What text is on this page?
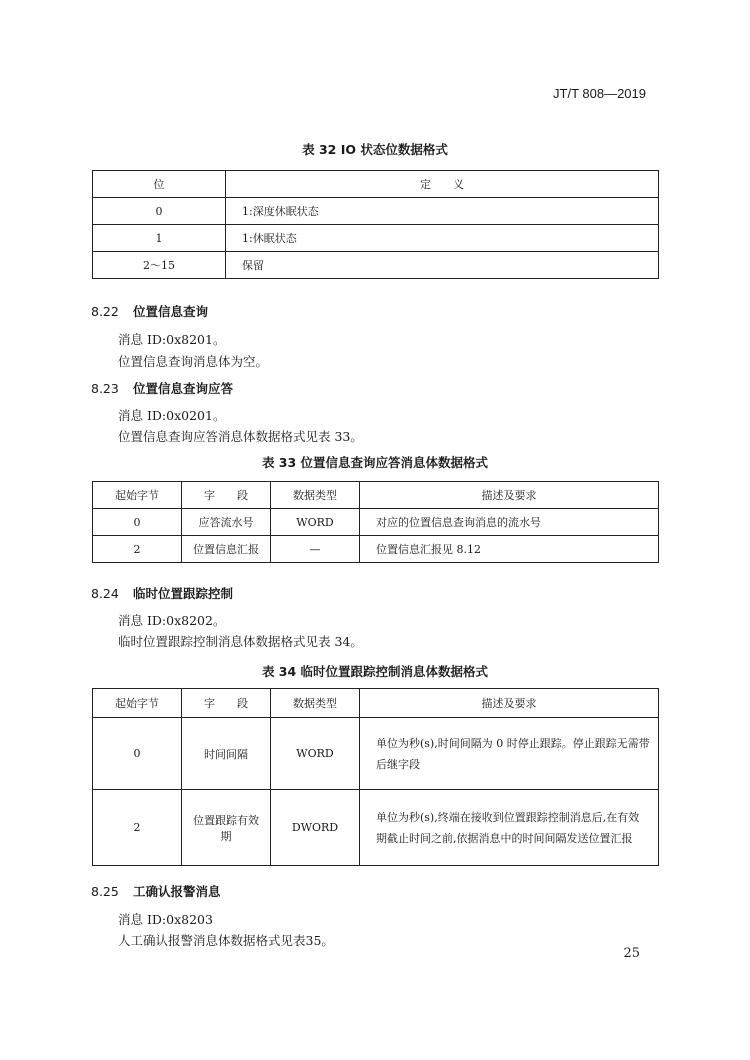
JT/T 808—2019
表 32 IO 状态位数据格式
位	定　　义
0	1:深度休眠状态
1	1:休眠状态
2～15	保留
8.22 位置信息查询
消息 ID:0x8201。
位置信息查询消息体为空。
8.23 位置信息查询应答
消息 ID:0x0201。
位置信息查询应答消息体数据格式见表 33。
表 33 位置信息查询应答消息体数据格式
起始字节	字　　段	数据类型	描述及要求
0	应答流水号	WORD	对应的位置信息查询消息的流水号
2	位置信息汇报	—	位置信息汇报见 8.12
8.24 临时位置跟踪控制
消息 ID:0x8202。
临时位置跟踪控制消息体数据格式见表 34。
表 34 临时位置跟踪控制消息体数据格式
起始字节	字　　段	数据类型	描述及要求
0	时间间隔	WORD	单位为秒(s),时间间隔为 0 时停止跟踪。停止跟踪无需带后继字段
2	位置跟踪有效期	DWORD	单位为秒(s),终端在接收到位置跟踪控制消息后,在有效期截止时间之前,依据消息中的时间间隔发送位置汇报
8.25 工确认报警消息
消息 ID:0x8203
人工确认报警消息体数据格式见表35。
25
